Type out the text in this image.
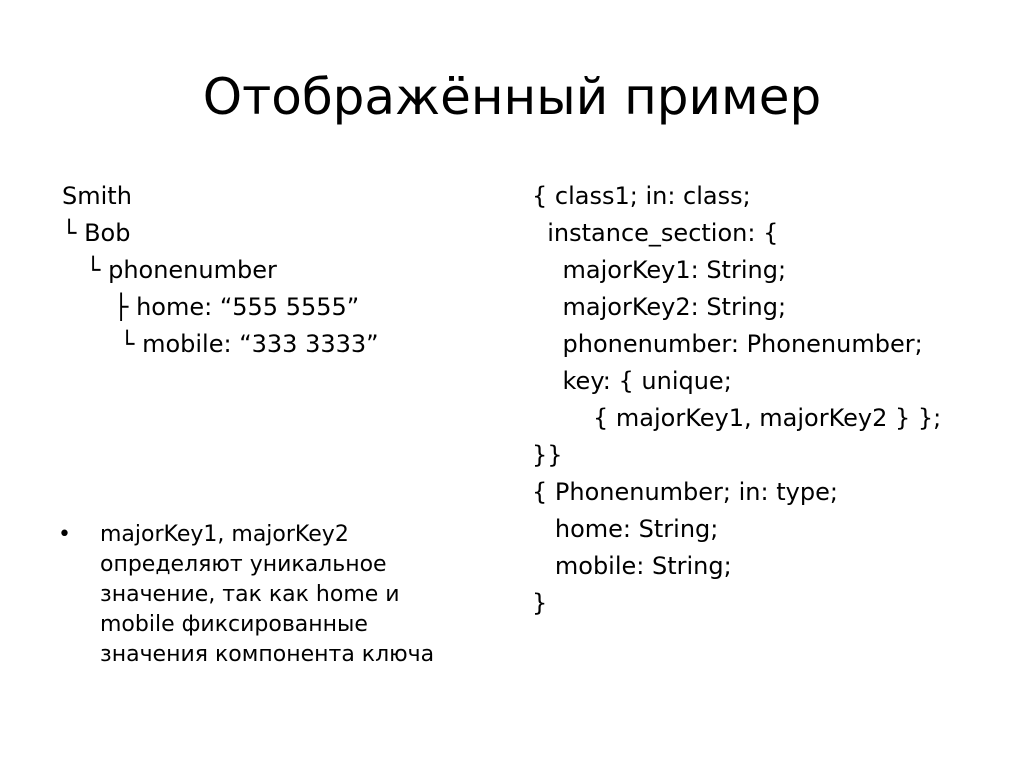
Отображённый пример
Smith
└ Bob
└ phonenumber
├ home: “555 5555”
└ mobile: “333 3333”
• majorKey1, majorKey2
определяют уникальное
значение, так как home и
mobile фиксированные
значения компонента ключа
{ class1; in: class;
instance_section: {
majorKey1: String;
majorKey2: String;
phonenumber: Phonenumber;
key: { unique;
{ majorKey1, majorKey2 } };
}}
{ Phonenumber; in: type;
home: String;
mobile: String;
}
